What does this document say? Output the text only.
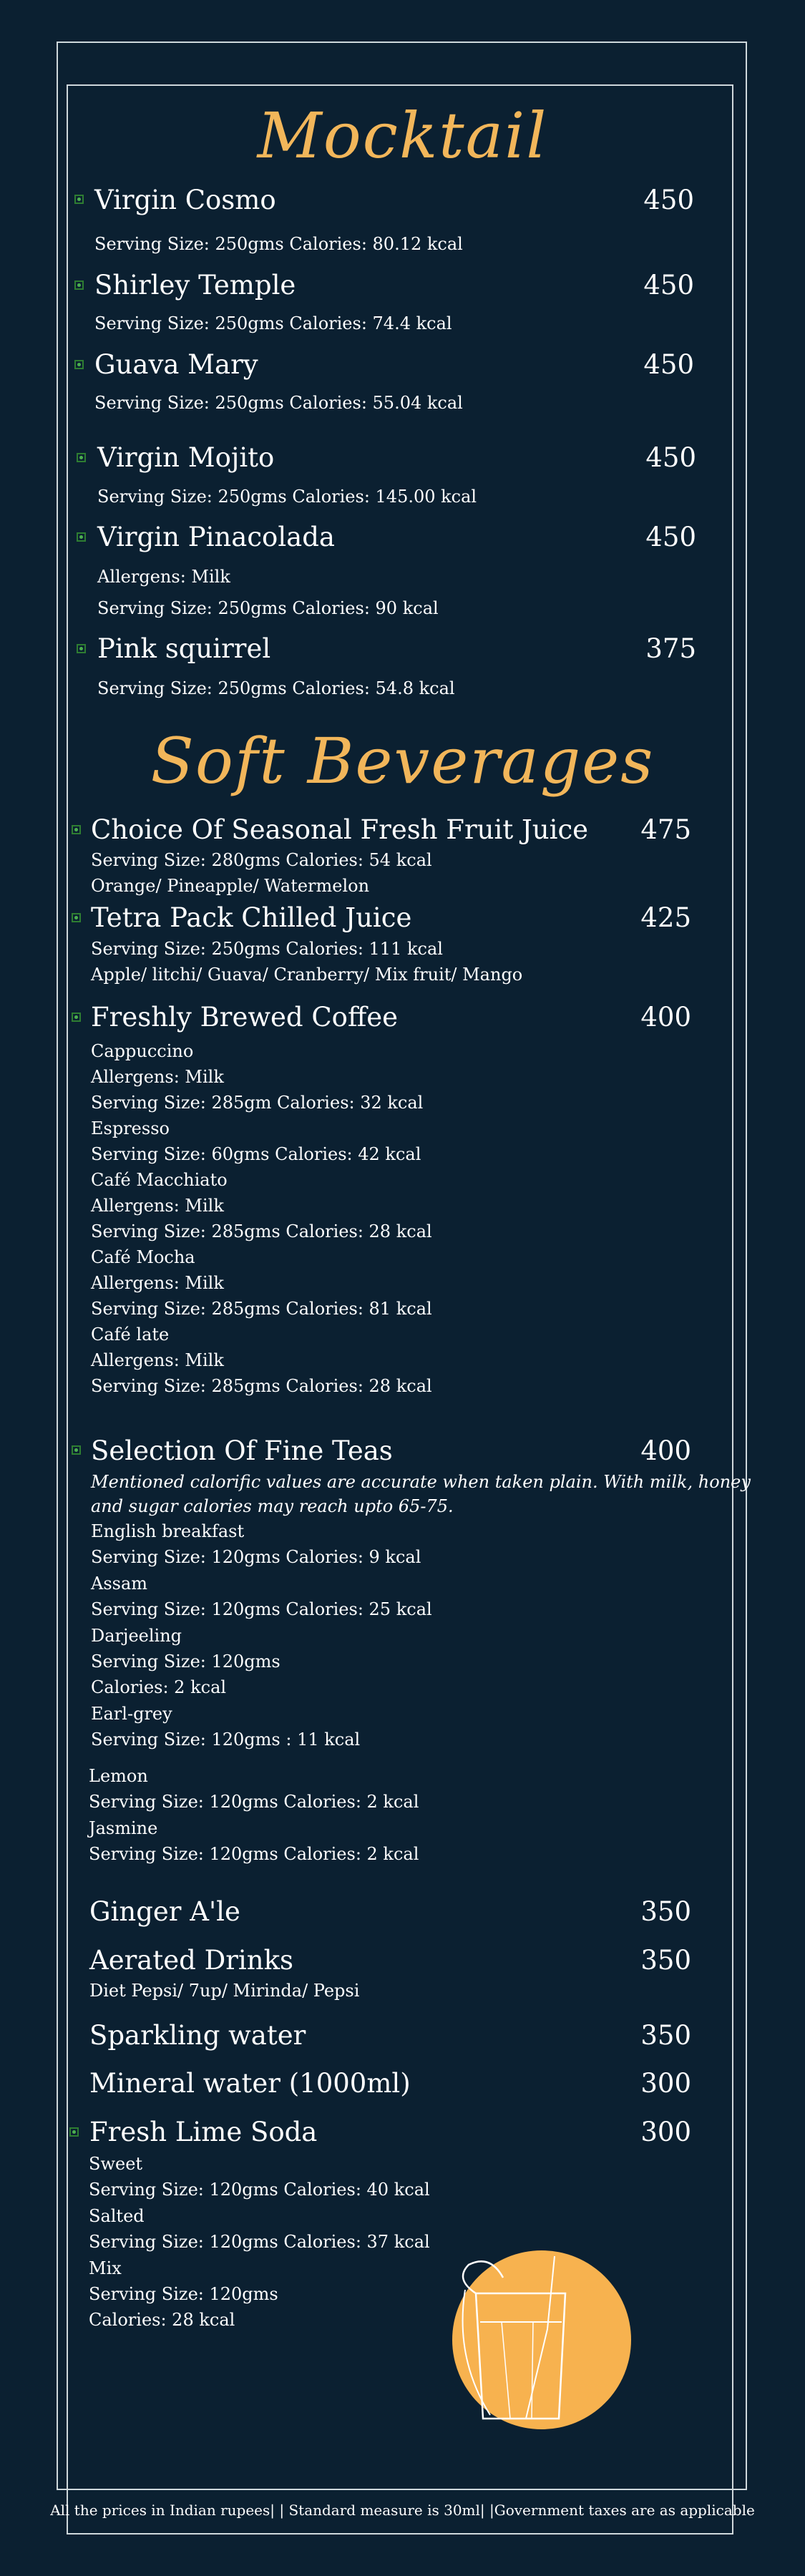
Mocktail
Virgin Cosmo	450
Serving Size: 250gms Calories: 80.12 kcal
Shirley Temple	450
Serving Size: 250gms Calories: 74.4 kcal
Guava Mary	450
Serving Size: 250gms Calories: 55.04 kcal
Virgin Mojito	450
Serving Size: 250gms Calories: 145.00 kcal
Virgin Pinacolada	450
Allergens: Milk
Serving Size: 250gms Calories: 90 kcal
Pink squirrel	375
Serving Size: 250gms Calories: 54.8 kcal
Soft Beverages
Choice Of Seasonal Fresh Fruit Juice	475
Serving Size: 280gms Calories: 54 kcal
Orange/ Pineapple/ Watermelon
Tetra Pack Chilled Juice	425
Serving Size: 250gms Calories: 111 kcal
Apple/ litchi/ Guava/ Cranberry/ Mix fruit/ Mango
Freshly Brewed Coffee	400
Cappuccino
Allergens: Milk
Serving Size: 285gm Calories: 32 kcal
Espresso
Serving Size: 60gms Calories: 42 kcal
Café Macchiato
Allergens: Milk
Serving Size: 285gms Calories: 28 kcal
Café Mocha
Allergens: Milk
Serving Size: 285gms Calories: 81 kcal
Café late
Allergens: Milk
Serving Size: 285gms Calories: 28 kcal
Selection Of Fine Teas	400
Mentioned calorific values are accurate when taken plain. With milk, honey
and sugar calories may reach upto 65-75.
English breakfast
Serving Size: 120gms Calories: 9 kcal
Assam
Serving Size: 120gms Calories: 25 kcal
Darjeeling
Serving Size: 120gms
Calories: 2 kcal
Earl-grey
Serving Size: 120gms : 11 kcal
Lemon
Serving Size: 120gms Calories: 2 kcal
Jasmine
Serving Size: 120gms Calories: 2 kcal
Ginger A'le	350
Aerated Drinks	350
Diet Pepsi/ 7up/ Mirinda/ Pepsi
Sparkling water	350
Mineral water (1000ml)	300
Fresh Lime Soda	300
Sweet
Serving Size: 120gms Calories: 40 kcal
Salted
Serving Size: 120gms Calories: 37 kcal
Mix
Serving Size: 120gms
Calories: 28 kcal
All the prices in Indian rupees| | Standard measure is 30ml| |Government taxes are as applicable
